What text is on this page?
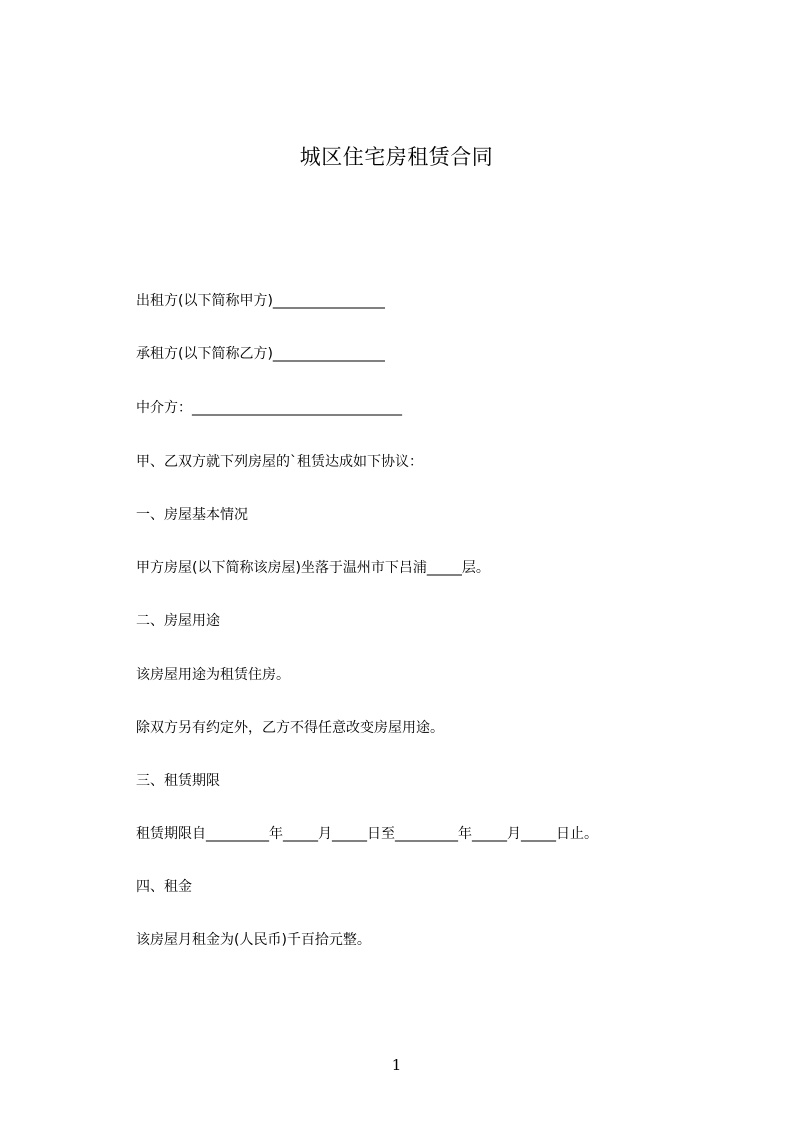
城区住宅房租赁合同
出租方(以下简称甲方)________________
承租方(以下简称乙方)________________
中介方：______________________________
甲、乙双方就下列房屋的`租赁达成如下协议：
一、房屋基本情况
甲方房屋(以下简称该房屋)坐落于温州市下吕浦_____层。
二、房屋用途
该房屋用途为租赁住房。
除双方另有约定外，乙方不得任意改变房屋用途。
三、租赁期限
租赁期限自_________年_____月_____日至_________年_____月_____日止。
四、租金
该房屋月租金为(人民币)千百拾元整。
1
